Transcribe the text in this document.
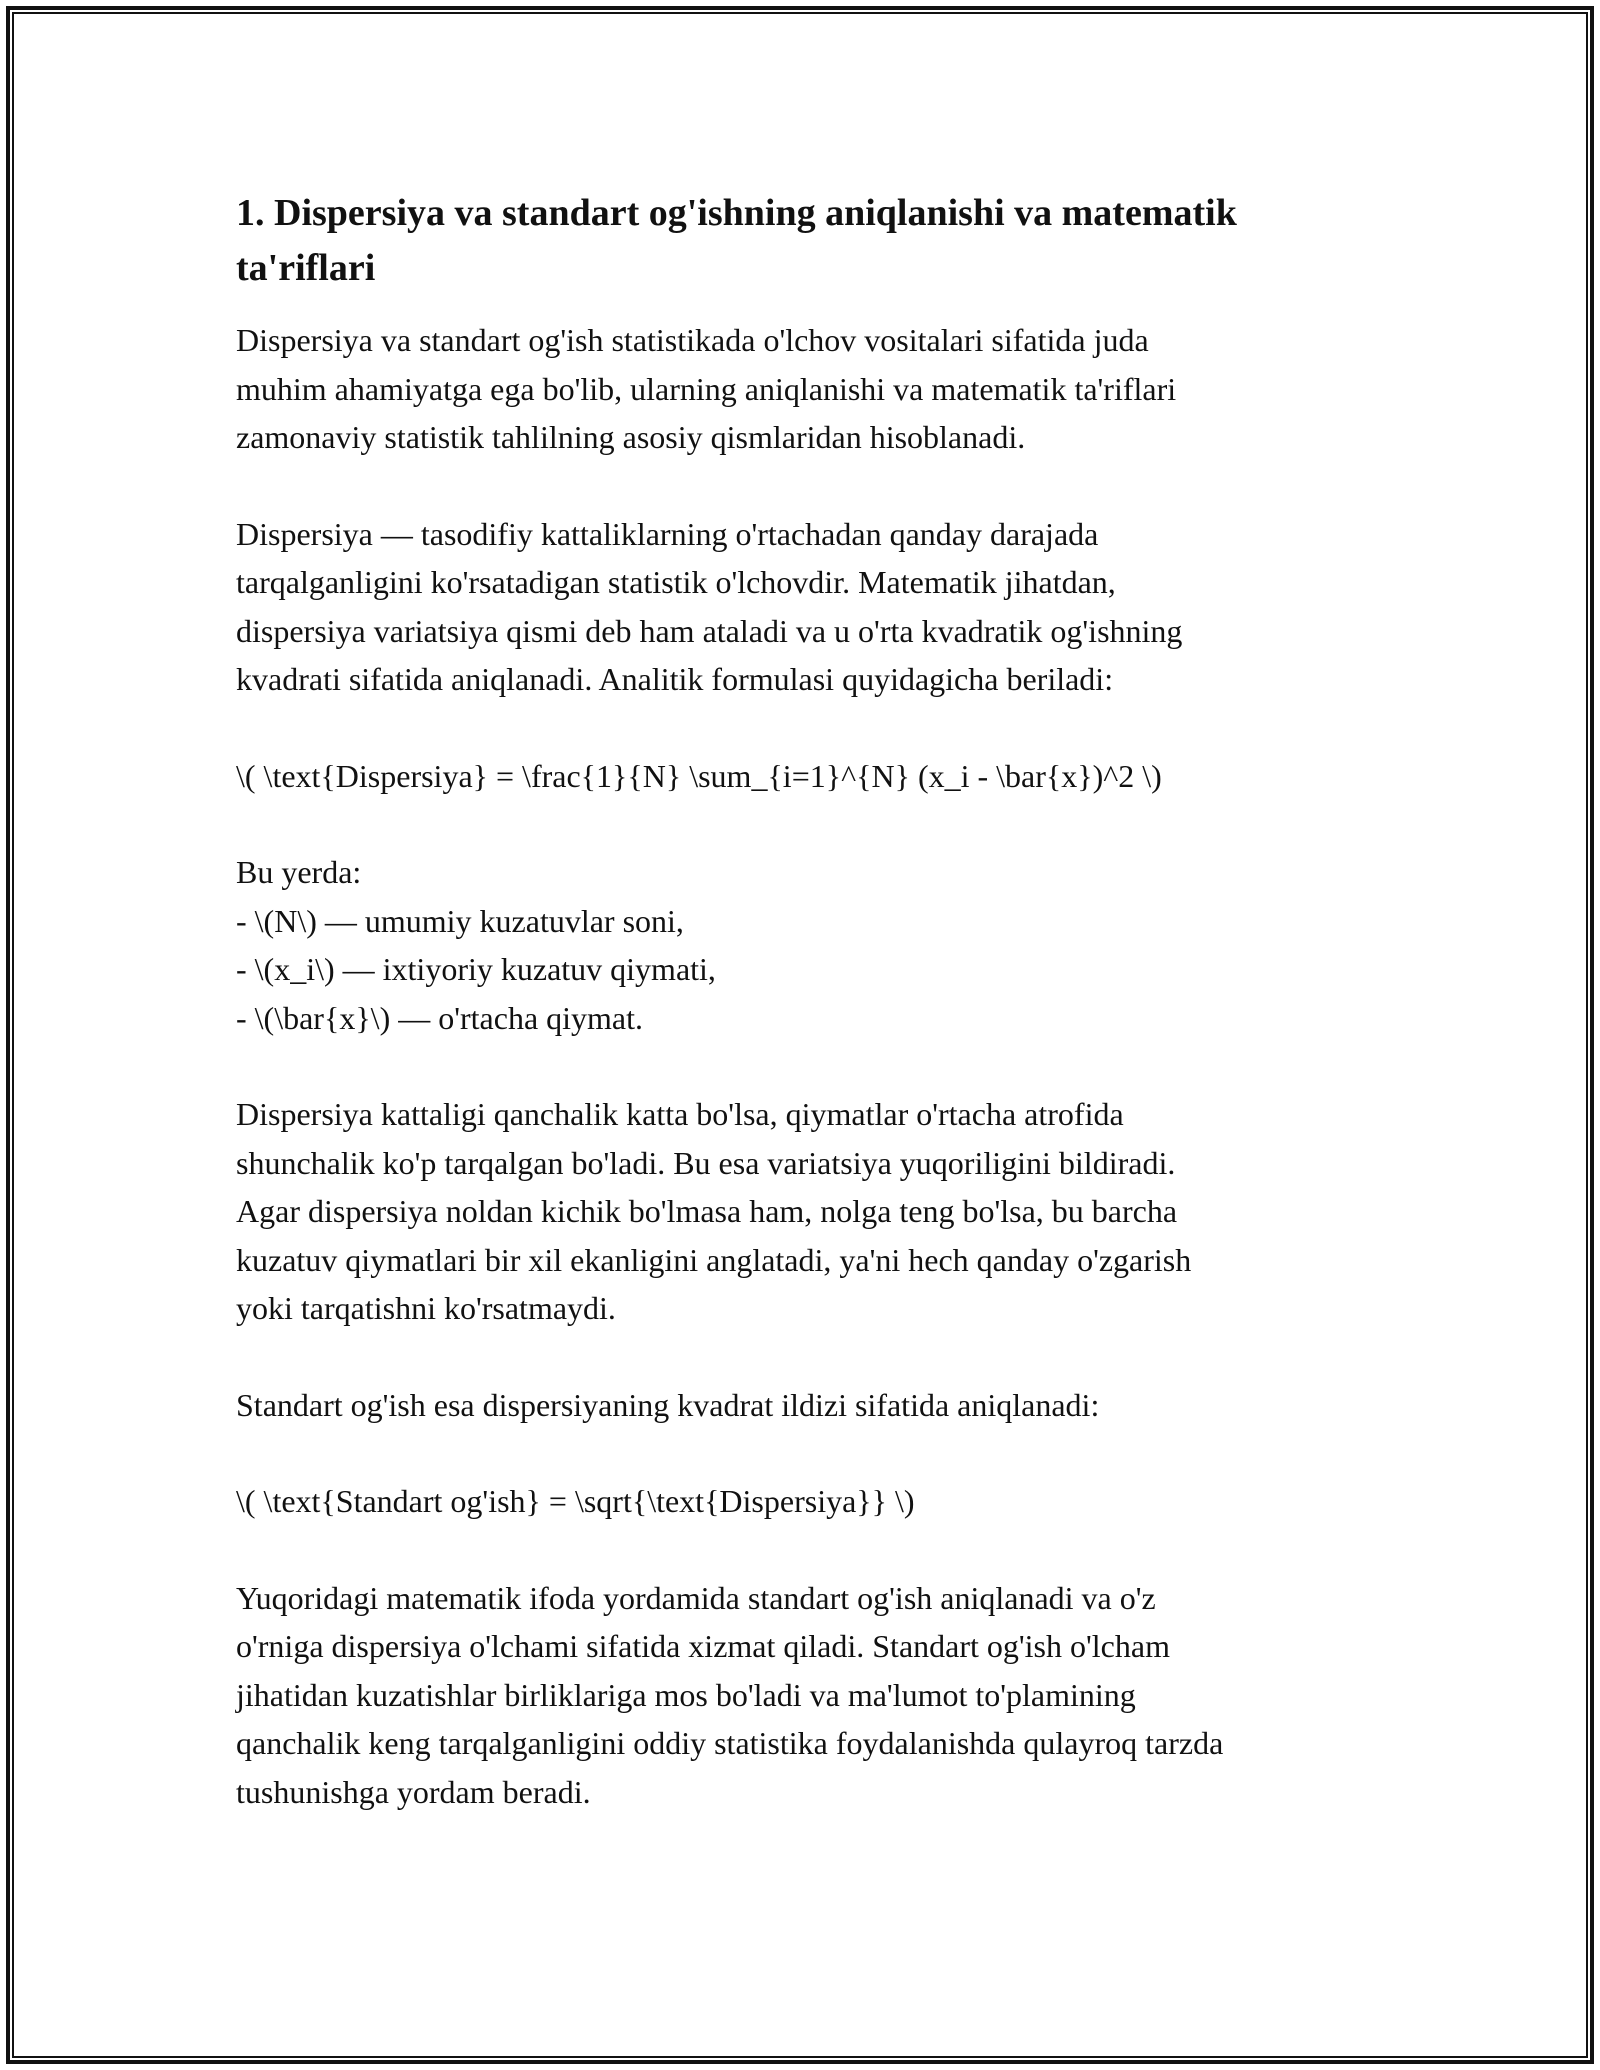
1. Dispersiya va standart og'ishning aniqlanishi va matematik
ta'riflari

Dispersiya va standart og'ish statistikada o'lchov vositalari sifatida juda
muhim ahamiyatga ega bo'lib, ularning aniqlanishi va matematik ta'riflari
zamonaviy statistik tahlilning asosiy qismlaridan hisoblanadi.

Dispersiya — tasodifiy kattaliklarning o'rtachadan qanday darajada
tarqalganligini ko'rsatadigan statistik o'lchovdir. Matematik jihatdan,
dispersiya variatsiya qismi deb ham ataladi va u o'rta kvadratik og'ishning
kvadrati sifatida aniqlanadi. Analitik formulasi quyidagicha beriladi:

\( \text{Dispersiya} = \frac{1}{N} \sum_{i=1}^{N} (x_i - \bar{x})^2 \)

Bu yerda:
- \(N\) — umumiy kuzatuvlar soni,
- \(x_i\) — ixtiyoriy kuzatuv qiymati,
- \(\bar{x}\) — o'rtacha qiymat.

Dispersiya kattaligi qanchalik katta bo'lsa, qiymatlar o'rtacha atrofida
shunchalik ko'p tarqalgan bo'ladi. Bu esa variatsiya yuqoriligini bildiradi.
Agar dispersiya noldan kichik bo'lmasa ham, nolga teng bo'lsa, bu barcha
kuzatuv qiymatlari bir xil ekanligini anglatadi, ya'ni hech qanday o'zgarish
yoki tarqatishni ko'rsatmaydi.

Standart og'ish esa dispersiyaning kvadrat ildizi sifatida aniqlanadi:

\( \text{Standart og'ish} = \sqrt{\text{Dispersiya}} \)

Yuqoridagi matematik ifoda yordamida standart og'ish aniqlanadi va o'z
o'rniga dispersiya o'lchami sifatida xizmat qiladi. Standart og'ish o'lcham
jihatidan kuzatishlar birliklariga mos bo'ladi va ma'lumot to'plamining
qanchalik keng tarqalganligini oddiy statistika foydalanishda qulayroq tarzda
tushunishga yordam beradi.
